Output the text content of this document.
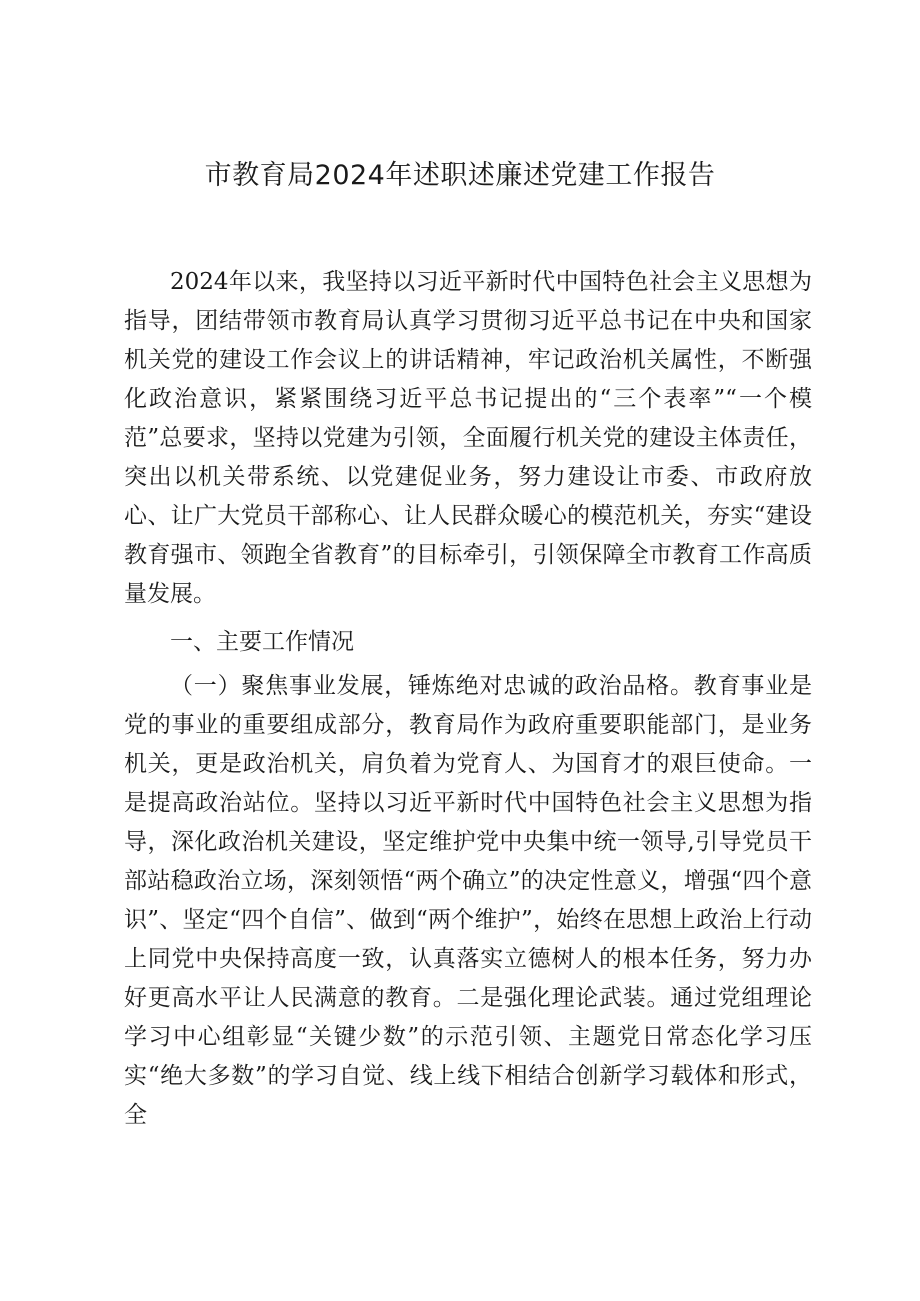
市教育局2024年述职述廉述党建工作报告

2024年以来，我坚持以习近平新时代中国特色社会主义思想为指导，团结带领市教育局认真学习贯彻习近平总书记在中央和国家机关党的建设工作会议上的讲话精神，牢记政治机关属性，不断强化政治意识，紧紧围绕习近平总书记提出的“三个表率”“一个模范”总要求，坚持以党建为引领，全面履行机关党的建设主体责任，突出以机关带系统、以党建促业务，努力建设让市委、市政府放心、让广大党员干部称心、让人民群众暖心的模范机关，夯实“建设教育强市、领跑全省教育”的目标牵引，引领保障全市教育工作高质量发展。

一、主要工作情况

（一）聚焦事业发展，锤炼绝对忠诚的政治品格。教育事业是党的事业的重要组成部分，教育局作为政府重要职能部门，是业务机关，更是政治机关，肩负着为党育人、为国育才的艰巨使命。一是提高政治站位。坚持以习近平新时代中国特色社会主义思想为指导，深化政治机关建设，坚定维护党中央集中统一领导,引导党员干部站稳政治立场，深刻领悟“两个确立”的决定性意义，增强“四个意识”、坚定“四个自信”、做到“两个维护”，始终在思想上政治上行动上同党中央保持高度一致，认真落实立德树人的根本任务，努力办好更高水平让人民满意的教育。二是强化理论武装。通过党组理论学习中心组彰显“关键少数”的示范引领、主题党日常态化学习压实“绝大多数”的学习自觉、线上线下相结合创新学习载体和形式，全
